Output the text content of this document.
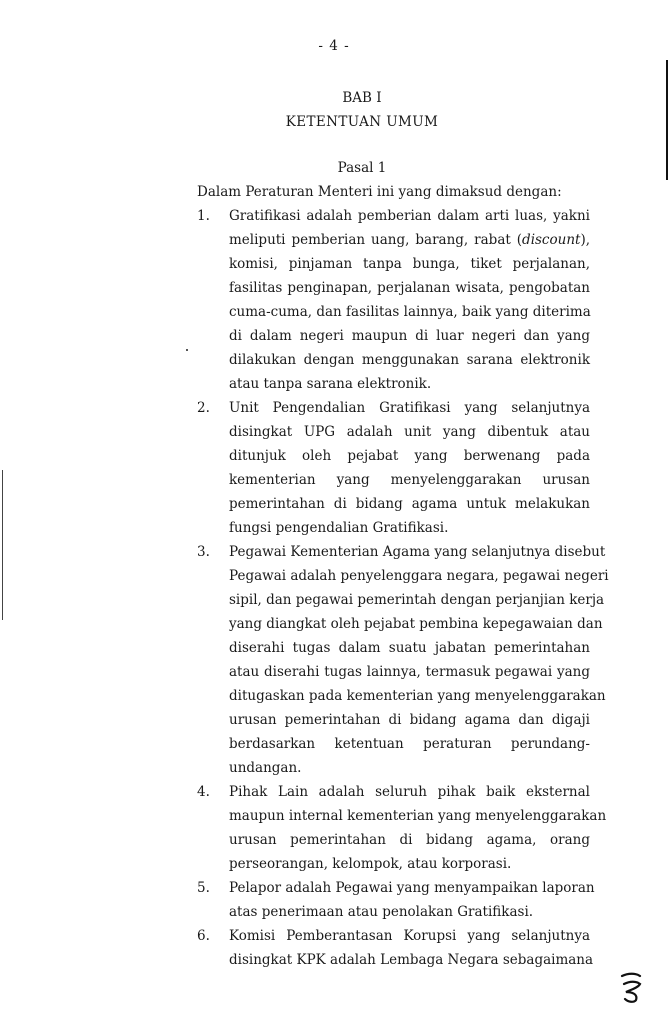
- 4 -
BAB I
KETENTUAN UMUM
Pasal 1
Dalam Peraturan Menteri ini yang dimaksud dengan:
1. Gratifikasi adalah pemberian dalam arti luas, yakni
meliputi pemberian uang, barang, rabat (discount),
komisi, pinjaman tanpa bunga, tiket perjalanan,
fasilitas penginapan, perjalanan wisata, pengobatan
cuma-cuma, dan fasilitas lainnya, baik yang diterima
di dalam negeri maupun di luar negeri dan yang
dilakukan dengan menggunakan sarana elektronik
atau tanpa sarana elektronik.
2. Unit Pengendalian Gratifikasi yang selanjutnya
disingkat UPG adalah unit yang dibentuk atau
ditunjuk oleh pejabat yang berwenang pada
kementerian yang menyelenggarakan urusan
pemerintahan di bidang agama untuk melakukan
fungsi pengendalian Gratifikasi.
3. Pegawai Kementerian Agama yang selanjutnya disebut
Pegawai adalah penyelenggara negara, pegawai negeri
sipil, dan pegawai pemerintah dengan perjanjian kerja
yang diangkat oleh pejabat pembina kepegawaian dan
diserahi tugas dalam suatu jabatan pemerintahan
atau diserahi tugas lainnya, termasuk pegawai yang
ditugaskan pada kementerian yang menyelenggarakan
urusan pemerintahan di bidang agama dan digaji
berdasarkan ketentuan peraturan perundang-
undangan.
4. Pihak Lain adalah seluruh pihak baik eksternal
maupun internal kementerian yang menyelenggarakan
urusan pemerintahan di bidang agama, orang
perseorangan, kelompok, atau korporasi.
5. Pelapor adalah Pegawai yang menyampaikan laporan
atas penerimaan atau penolakan Gratifikasi.
6. Komisi Pemberantasan Korupsi yang selanjutnya
disingkat KPK adalah Lembaga Negara sebagaimana
